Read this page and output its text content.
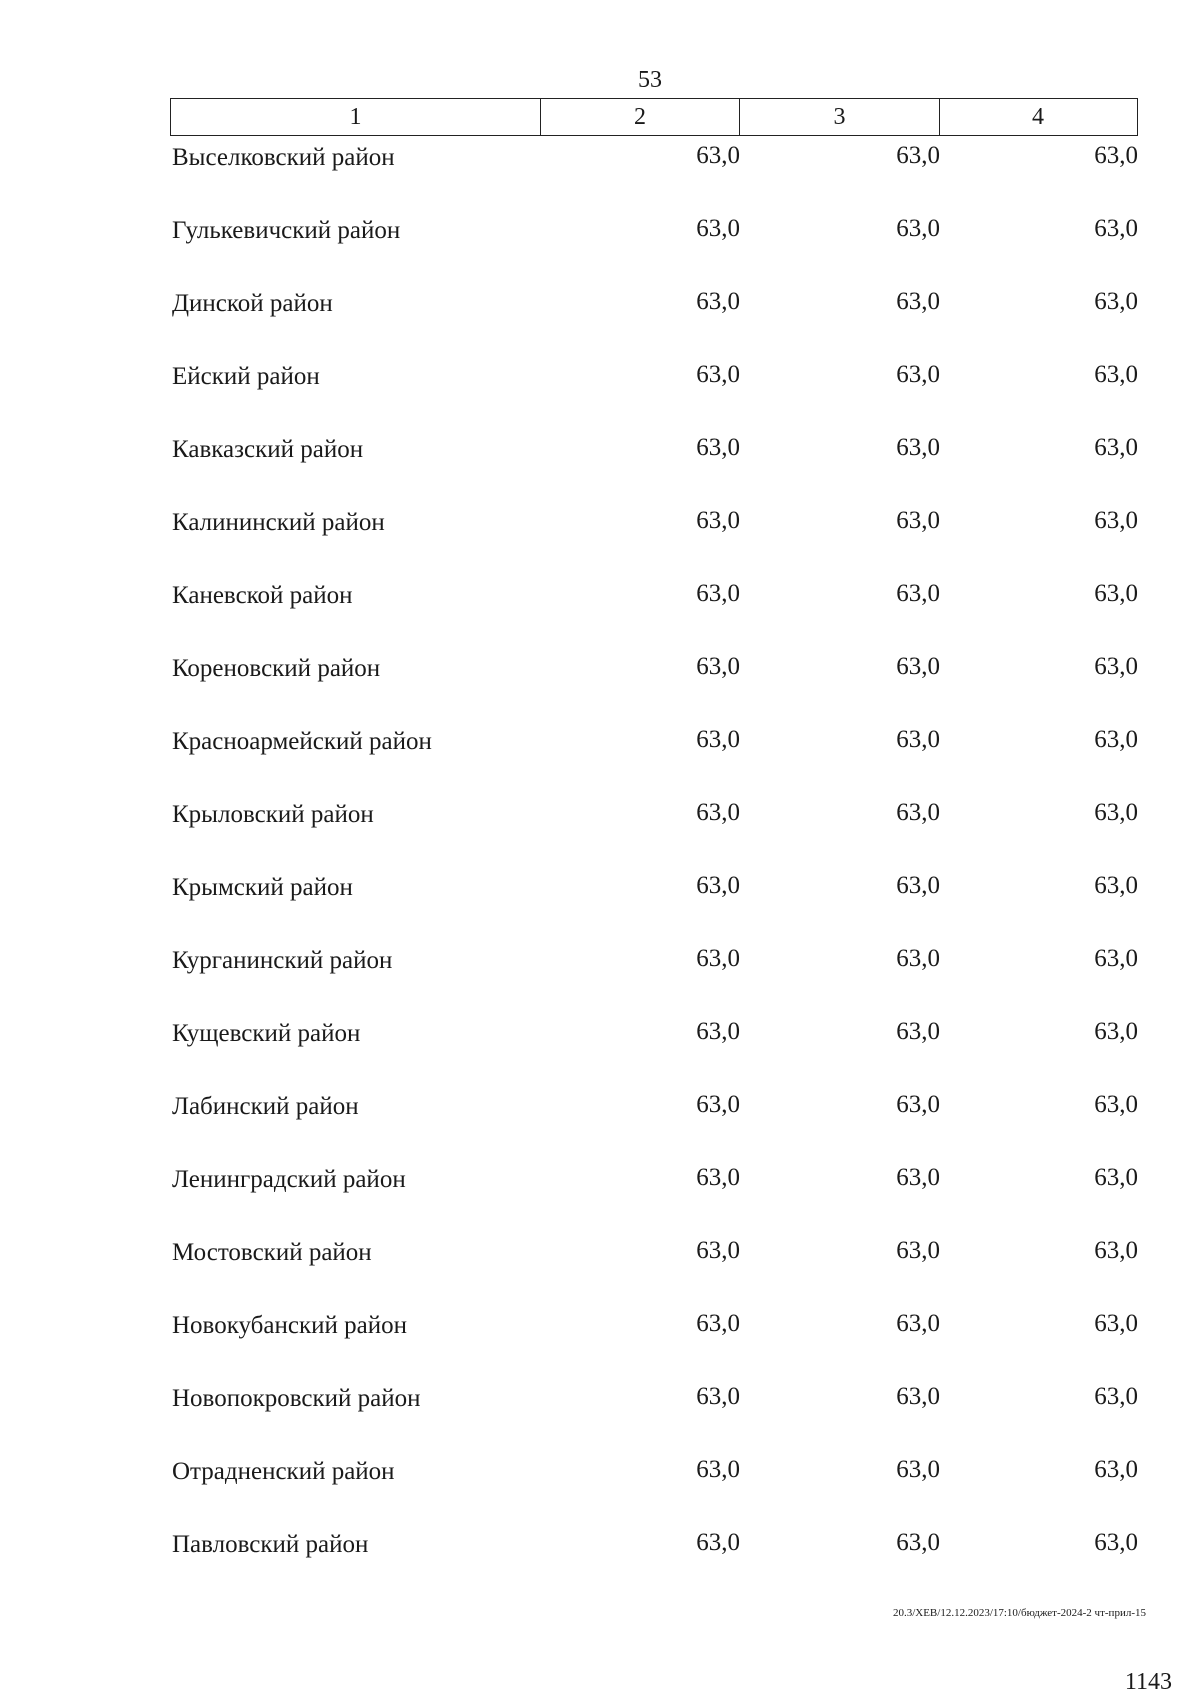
53
1	2	3	4
Выселковский район	63,0	63,0	63,0
Гулькевичский район	63,0	63,0	63,0
Динской район	63,0	63,0	63,0
Ейский район	63,0	63,0	63,0
Кавказский район	63,0	63,0	63,0
Калининский район	63,0	63,0	63,0
Каневской район	63,0	63,0	63,0
Кореновский район	63,0	63,0	63,0
Красноармейский район	63,0	63,0	63,0
Крыловский район	63,0	63,0	63,0
Крымский район	63,0	63,0	63,0
Курганинский район	63,0	63,0	63,0
Кущевский район	63,0	63,0	63,0
Лабинский район	63,0	63,0	63,0
Ленинградский район	63,0	63,0	63,0
Мостовский район	63,0	63,0	63,0
Новокубанский район	63,0	63,0	63,0
Новопокровский район	63,0	63,0	63,0
Отрадненский район	63,0	63,0	63,0
Павловский район	63,0	63,0	63,0
20.3/ХЕВ/12.12.2023/17:10/бюджет-2024-2 чт-прил-15
1143
